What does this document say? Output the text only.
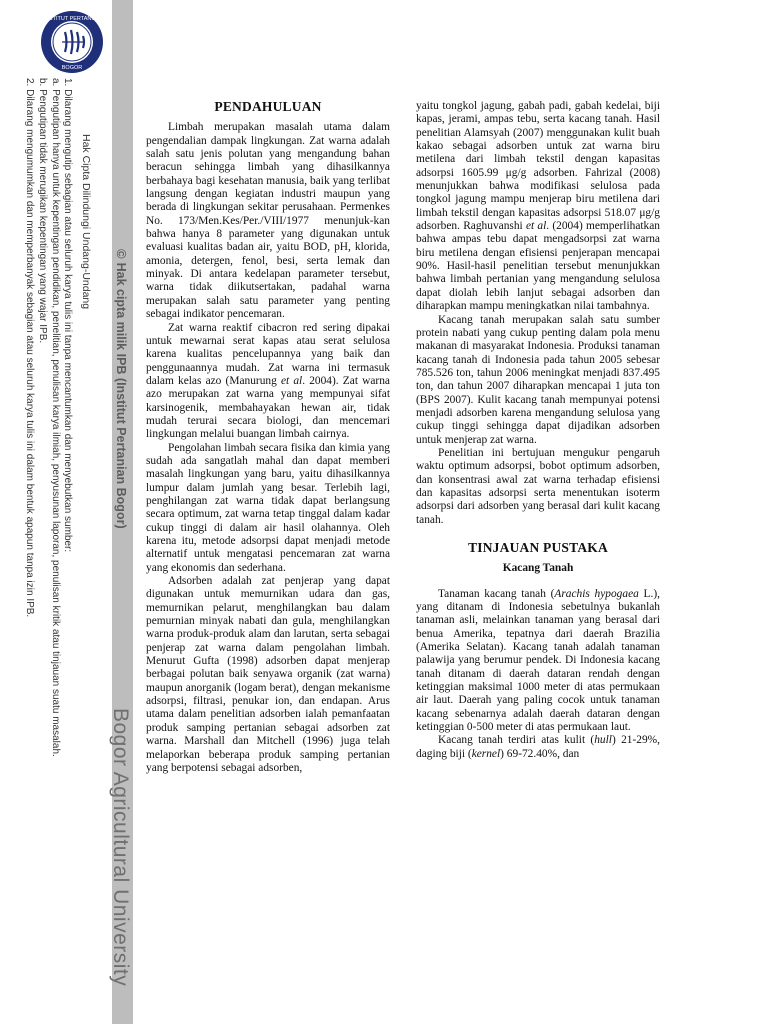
INSTITUT PERTANIAN
BOGOR
Bogor Agricultural University
©Hak cipta milik IPB (Institut Pertanian Bogor)
Hak Cipta Dilindungi Undang-Undang
1. Dilarang mengutip sebagian atau seluruh karya tulis ini tanpa mencantumkan dan menyebutkan sumber:
a. Pengutipan hanya untuk kepentingan pendidikan, penelitian, penulisan karya ilmiah, penyusunan laporan, penulisan kritik atau tinjauan suatu masalah.
b. Pengutipan tidak merugikan kepentingan yang wajar IPB.
2. Dilarang mengumumkan dan memperbanyak sebagian atau seluruh karya tulis ini dalam bentuk apapun tanpa izin IPB.	PENDAHULUAN

Limbah merupakan masalah utama dalam pengendalian dampak lingkungan. Zat warna adalah salah satu jenis polutan yang mengandung bahan beracun sehingga limbah yang dihasilkannya berbahaya bagi kesehatan manusia, baik yang terlibat langsung dengan kegiatan industri maupun yang berada di lingkungan sekitar perusahaan. Permenkes No. 173/Men.Kes/Per./VIII/1977 menunjuk-kan bahwa hanya 8 parameter yang digunakan untuk evaluasi kualitas badan air, yaitu BOD, pH, klorida, amonia, detergen, fenol, besi, serta lemak dan minyak. Di antara kedelapan parameter tersebut, warna tidak diikutsertakan, padahal warna merupakan salah satu parameter yang penting sebagai indikator pencemaran.

Zat warna reaktif cibacron red sering dipakai untuk mewarnai serat kapas atau serat selulosa karena kualitas pencelupannya yang baik dan penggunaannya mudah. Zat warna ini termasuk dalam kelas azo (Manurung et al. 2004). Zat warna azo merupakan zat warna yang mempunyai sifat karsinogenik, membahayakan hewan air, tidak mudah terurai secara biologi, dan mencemari lingkungan melalui buangan limbah cairnya.

Pengolahan limbah secara fisika dan kimia yang sudah ada sangatlah mahal dan dapat memberi masalah lingkungan yang baru, yaitu dihasilkannya lumpur dalam jumlah yang besar. Terlebih lagi, penghilangan zat warna tidak dapat berlangsung secara optimum, zat warna tetap tinggal dalam kadar cukup tinggi di dalam air hasil olahannya. Oleh karena itu, metode adsorpsi dapat menjadi metode alternatif untuk mengatasi pencemaran zat warna yang ekonomis dan sederhana.

Adsorben adalah zat penjerap yang dapat digunakan untuk memurnikan udara dan gas, memurnikan pelarut, menghilangkan bau dalam pemurnian minyak nabati dan gula, menghilangkan warna produk-produk alam dan larutan, serta sebagai penjerap zat warna dalam pengolahan limbah. Menurut Gufta (1998) adsorben dapat menjerap berbagai polutan baik senyawa organik (zat warna) maupun anorganik (logam berat), dengan mekanisme adsorpsi, filtrasi, penukar ion, dan endapan. Arus utama dalam penelitian adsorben ialah pemanfaatan produk samping pertanian sebagai adsorben zat warna. Marshall dan Mitchell (1996) juga telah melaporkan beberapa produk samping pertanian yang berpotensi sebagai adsorben,

yaitu tongkol jagung, gabah padi, gabah kedelai, biji kapas, jerami, ampas tebu, serta kacang tanah. Hasil penelitian Alamsyah (2007) menggunakan kulit buah kakao sebagai adsorben untuk zat warna biru metilena dari limbah tekstil dengan kapasitas adsorpsi 1605.99 μg/g adsorben. Fahrizal (2008) menunjukkan bahwa modifikasi selulosa pada tongkol jagung mampu menjerap biru metilena dari limbah tekstil dengan kapasitas adsorpsi 518.07 μg/g adsorben. Raghuvanshi et al. (2004) memperlihatkan bahwa ampas tebu dapat mengadsorpsi zat warna biru metilena dengan efisiensi penjerapan mencapai 90%. Hasil-hasil penelitian tersebut menunjukkan bahwa limbah pertanian yang mengandung selulosa dapat diolah lebih lanjut sebagai adsorben dan diharapkan mampu meningkatkan nilai tambahnya.

Kacang tanah merupakan salah satu sumber protein nabati yang cukup penting dalam pola menu makanan di masyarakat Indonesia. Produksi tanaman kacang tanah di Indonesia pada tahun 2005 sebesar 785.526 ton, tahun 2006 meningkat menjadi 837.495 ton, dan tahun 2007 diharapkan mencapai 1 juta ton (BPS 2007). Kulit kacang tanah mempunyai potensi menjadi adsorben karena mengandung selulosa yang cukup tinggi sehingga dapat dijadikan adsorben untuk menjerap zat warna.

Penelitian ini bertujuan mengukur pengaruh waktu optimum adsorpsi, bobot optimum adsorben, dan konsentrasi awal zat warna terhadap efisiensi dan kapasitas adsorpsi serta menentukan isoterm adsorpsi dari adsorben yang berasal dari kulit kacang tanah.

TINJAUAN PUSTAKA
Kacang Tanah

Tanaman kacang tanah (Arachis hypogaea L.), yang ditanam di Indonesia sebetulnya bukanlah tanaman asli, melainkan tanaman yang berasal dari benua Amerika, tepatnya dari daerah Brazilia (Amerika Selatan). Kacang tanah adalah tanaman palawija yang berumur pendek. Di Indonesia kacang tanah ditanam di daerah dataran rendah dengan ketinggian maksimal 1000 meter di atas permukaan air laut. Daerah yang paling cocok untuk tanaman kacang sebenarnya adalah daerah dataran dengan ketinggian 0-500 meter di atas permukaan laut.

Kacang tanah terdiri atas kulit (hull) 21-29%, daging biji (kernel) 69-72.40%, dan
